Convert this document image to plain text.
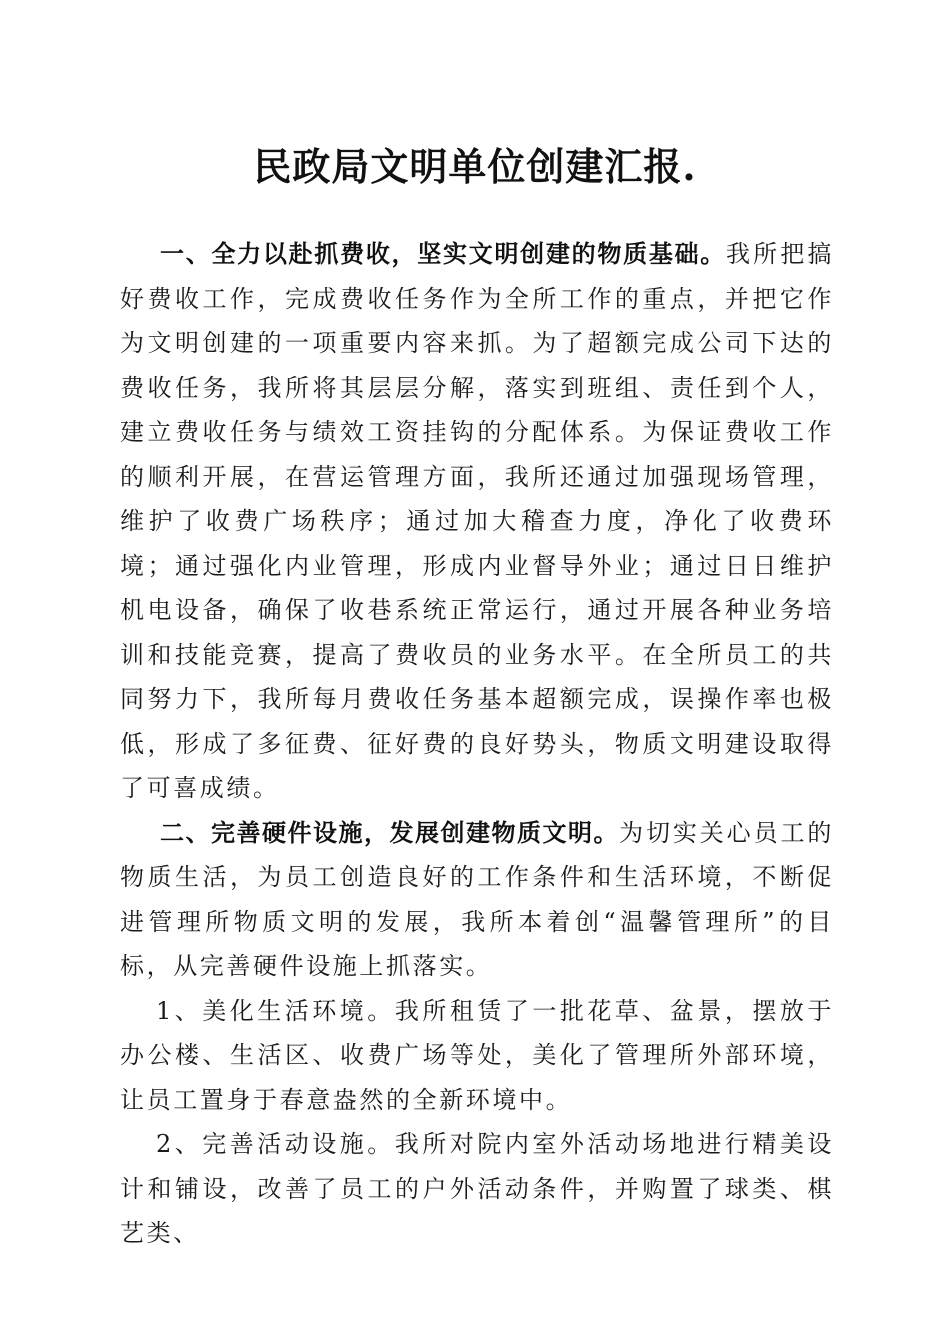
民政局文明单位创建汇报.

一、全力以赴抓费收，坚实文明创建的物质基础。我所把搞好费收工作，完成费收任务作为全所工作的重点，并把它作为文明创建的一项重要内容来抓。为了超额完成公司下达的费收任务，我所将其层层分解，落实到班组、责任到个人，建立费收任务与绩效工资挂钩的分配体系。为保证费收工作的顺利开展，在营运管理方面，我所还通过加强现场管理，维护了收费广场秩序；通过加大稽查力度，净化了收费环境；通过强化内业管理，形成内业督导外业；通过日日维护机电设备，确保了收巷系统正常运行，通过开展各种业务培训和技能竞赛，提高了费收员的业务水平。在全所员工的共同努力下，我所每月费收任务基本超额完成，误操作率也极低，形成了多征费、征好费的良好势头，物质文明建设取得了可喜成绩。

二、完善硬件设施，发展创建物质文明。为切实关心员工的物质生活，为员工创造良好的工作条件和生活环境，不断促进管理所物质文明的发展，我所本着创“温馨管理所”的目标，从完善硬件设施上抓落实。

1、美化生活环境。我所租赁了一批花草、盆景，摆放于办公楼、生活区、收费广场等处，美化了管理所外部环境，让员工置身于春意盎然的全新环境中。

2、完善活动设施。我所对院内室外活动场地进行精美设计和铺设，改善了员工的户外活动条件，并购置了球类、棋艺类、
